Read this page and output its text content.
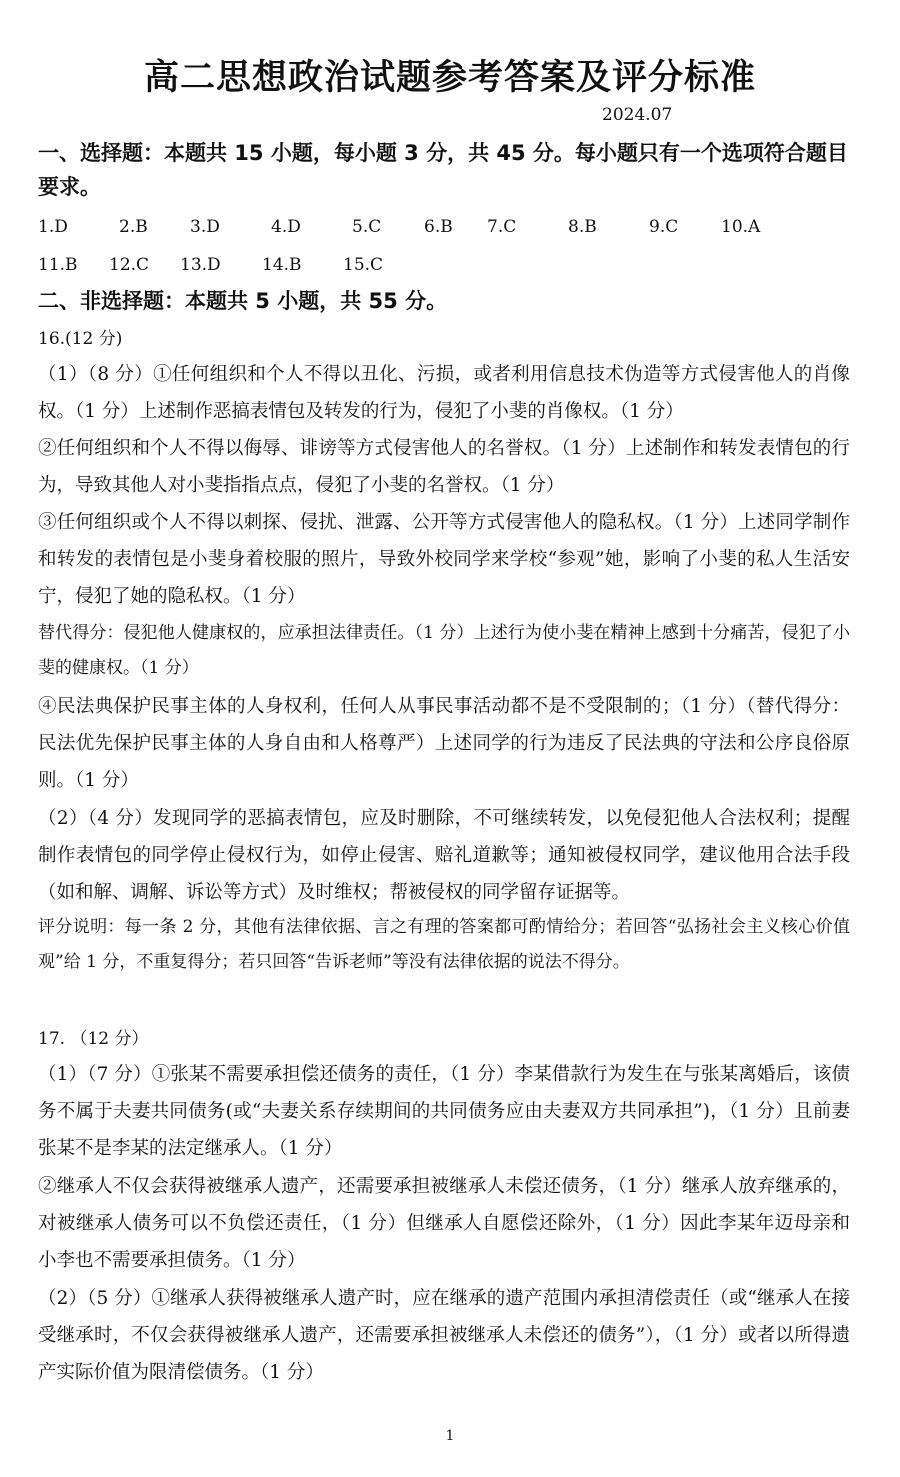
高二思想政治试题参考答案及评分标准
2024.07

一、选择题：本题共 15 小题，每小题 3 分，共 45 分。每小题只有一个选项符合题目要求。

1.D	2.B 3.D	4.D	5.C	6.B 7.C	8.B	9.C	10.A
11.B 12.C 13.D 14.B 15.C

二、非选择题：本题共 5 小题，共 55 分。

16.(12 分)

（1）（8 分）①任何组织和个人不得以丑化、污损，或者利用信息技术伪造等方式侵害他人的肖像权。（1 分）上述制作恶搞表情包及转发的行为，侵犯了小斐的肖像权。（1 分）

②任何组织和个人不得以侮辱、诽谤等方式侵害他人的名誉权。（1 分）上述制作和转发表情包的行为，导致其他人对小斐指指点点，侵犯了小斐的名誉权。（1 分）

③任何组织或个人不得以刺探、侵扰、泄露、公开等方式侵害他人的隐私权。（1 分）上述同学制作和转发的表情包是小斐身着校服的照片，导致外校同学来学校“参观”她，影响了小斐的私人生活安宁，侵犯了她的隐私权。（1 分）

替代得分：侵犯他人健康权的，应承担法律责任。（1 分）上述行为使小斐在精神上感到十分痛苦，侵犯了小斐的健康权。（1 分）

④民法典保护民事主体的人身权利，任何人从事民事活动都不是不受限制的；（1 分）（替代得分：民法优先保护民事主体的人身自由和人格尊严）上述同学的行为违反了民法典的守法和公序良俗原则。（1 分）

（2）（4 分）发现同学的恶搞表情包，应及时删除，不可继续转发，以免侵犯他人合法权利；提醒制作表情包的同学停止侵权行为，如停止侵害、赔礼道歉等；通知被侵权同学，建议他用合法手段（如和解、调解、诉讼等方式）及时维权；帮被侵权的同学留存证据等。

评分说明：每一条 2 分，其他有法律依据、言之有理的答案都可酌情给分；若回答“弘扬社会主义核心价值观”给 1 分，不重复得分；若只回答“告诉老师”等没有法律依据的说法不得分。

17. （12 分）

（1）（7 分）①张某不需要承担偿还债务的责任，（1 分）李某借款行为发生在与张某离婚后，该债务不属于夫妻共同债务(或“夫妻关系存续期间的共同债务应由夫妻双方共同承担”)，（1 分）且前妻张某不是李某的法定继承人。（1 分）

②继承人不仅会获得被继承人遗产，还需要承担被继承人未偿还债务，（1 分）继承人放弃继承的，对被继承人债务可以不负偿还责任，（1 分）但继承人自愿偿还除外，（1 分）因此李某年迈母亲和小李也不需要承担债务。（1 分）

（2）（5 分）①继承人获得被继承人遗产时，应在继承的遗产范围内承担清偿责任（或“继承人在接受继承时，不仅会获得被继承人遗产，还需要承担被继承人未偿还的债务”），（1 分）或者以所得遗产实际价值为限清偿债务。（1 分）

1
